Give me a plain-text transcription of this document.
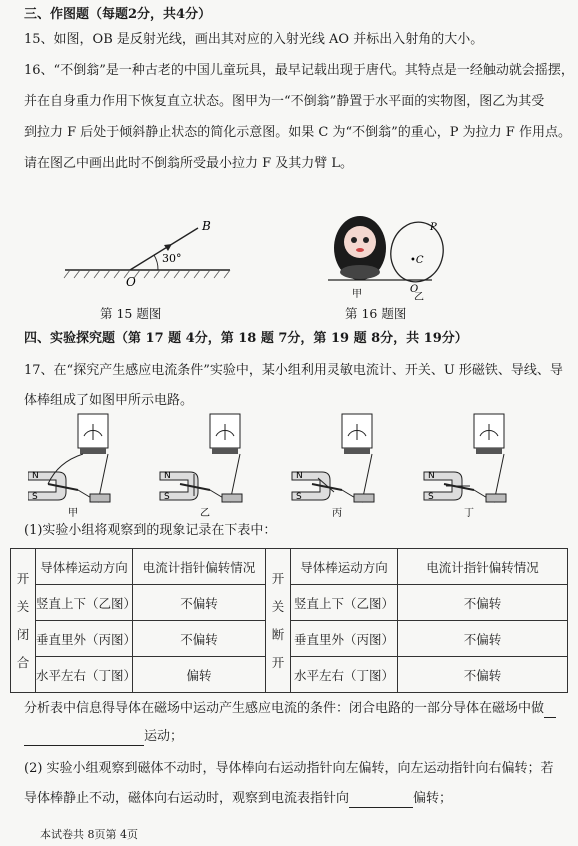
三、作图题（每题2分，共4分）
15、如图，OB 是反射光线，画出其对应的入射光线 AO 并标出入射角的大小。
16、“不倒翁”是一种古老的中国儿童玩具，最早记载出现于唐代。其特点是一经触动就会摇摆，
并在自身重力作用下恢复直立状态。图甲为一“不倒翁”静置于水平面的实物图，图乙为其受
到拉力 F 后处于倾斜静止状态的简化示意图。如果 C 为“不倒翁”的重心，P 为拉力 F 作用点。
请在图乙中画出此时不倒翁所受最小拉力 F 及其力臂 L。
30°
B
O
第 15 题图
P
•C
O
甲	乙
第 16 题图
四、实验探究题（第 17 题 4分，第 18 题 7分，第 19 题 8分，共 19分）
17、在“探究产生感应电流条件”实验中，某小组利用灵敏电流计、开关、U 形磁铁、导线、导
体棒组成了如图甲所示电路。
N
S
N
S
N
S
N
S
甲	乙	丙	丁
(1)实验小组将观察到的现象记录在下表中：
开
关
闭
合	导体棒运动方向	电流计指针偏转情况	开
关
断
开	导体棒运动方向	电流计指针偏转情况
	竖直上下（乙图）	不偏转		竖直上下（乙图）	不偏转
	垂直里外（丙图）	不偏转		垂直里外（丙图）	不偏转
	水平左右（丁图）	偏转		水平左右（丁图）	不偏转
分析表中信息得导体在磁场中运动产生感应电流的条件：闭合电路的一部分导体在磁场中做
运动；
(2) 实验小组观察到磁体不动时，导体棒向右运动指针向左偏转，向左运动指针向右偏转；若
导体棒静止不动，磁体向右运动时，观察到电流表指针向	偏转；
本试卷共 8页第 4页
